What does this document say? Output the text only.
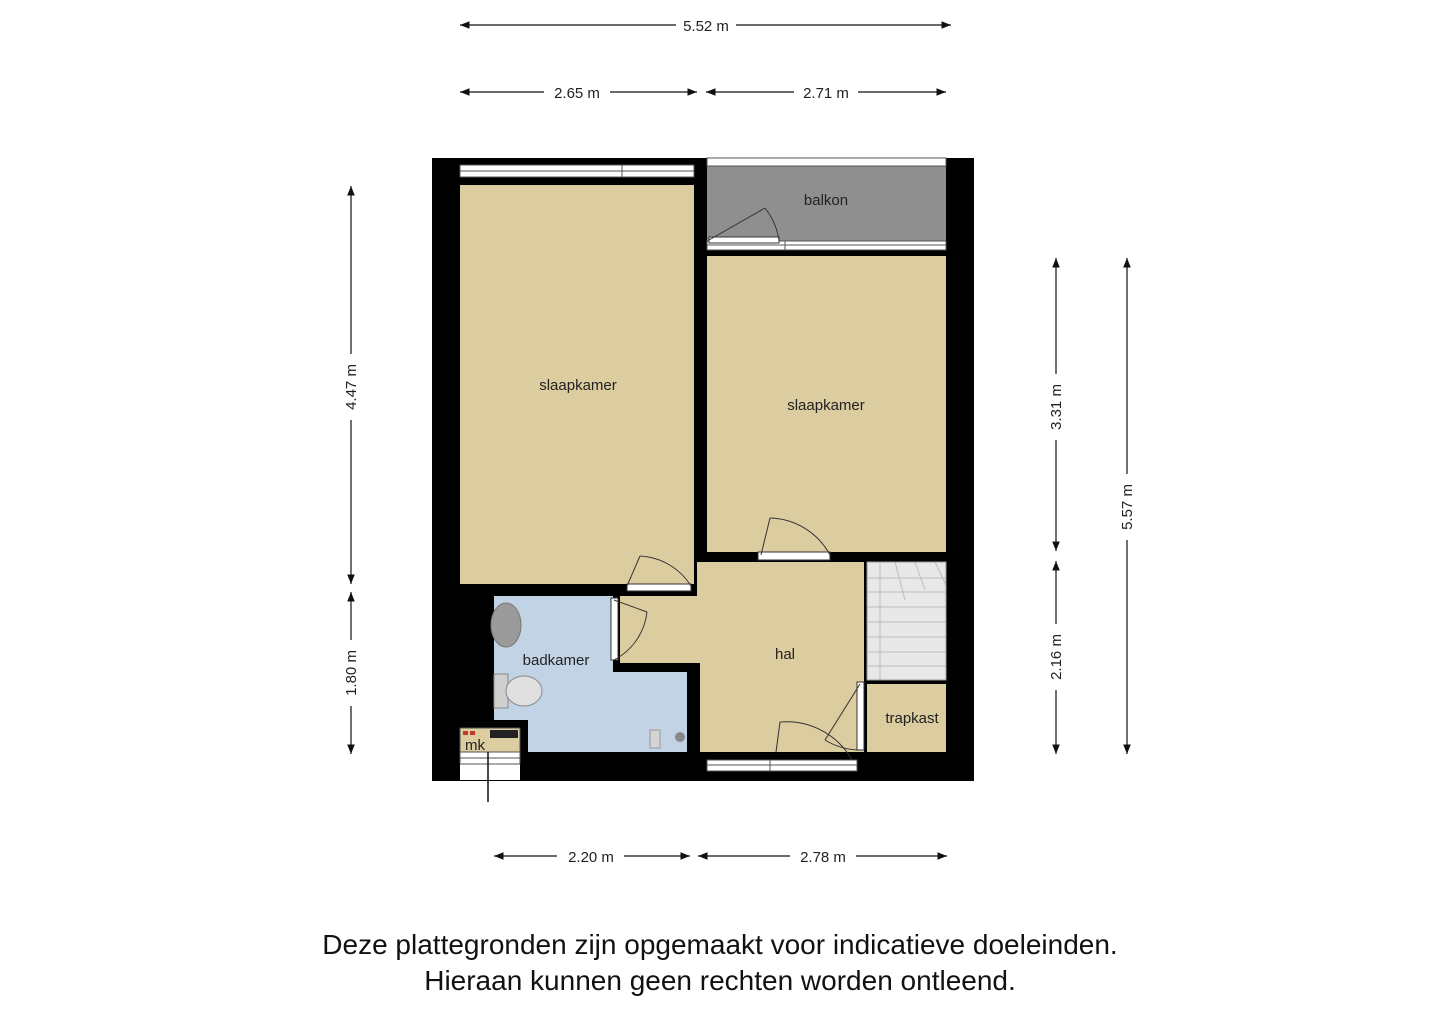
balkon
slaapkamer
slaapkamer
badkamer	hal
trapkast
mk
5.52 m
2.65 m	2.71 m
4.47 m
1.80 m
3.31 m
2.16 m
5.57 m
2.20 m	2.78 m
Deze plattegronden zijn opgemaakt voor indicatieve doeleinden.
Hieraan kunnen geen rechten worden ontleend.
